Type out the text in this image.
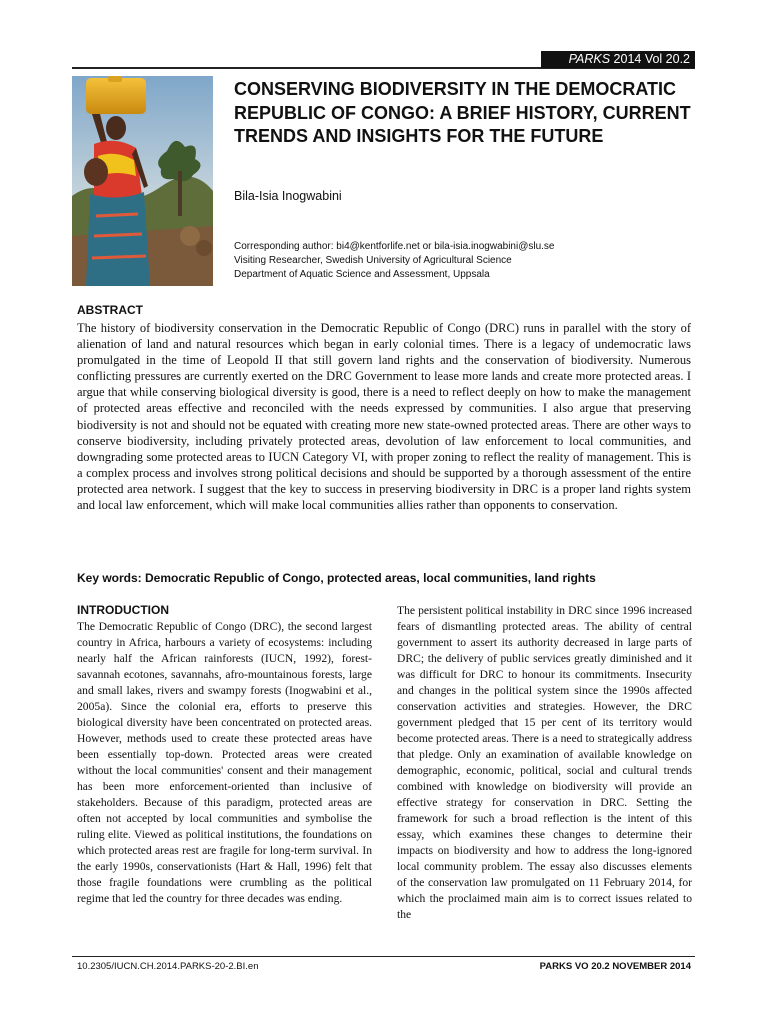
PARKS 2014 Vol 20.2
CONSERVING BIODIVERSITY IN THE DEMOCRATIC REPUBLIC OF CONGO: A BRIEF HISTORY, CURRENT TRENDS AND INSIGHTS FOR THE FUTURE
Bila-Isia Inogwabini
Corresponding author: bi4@kentforlife.net or bila-isia.inogwabini@slu.se
Visiting Researcher, Swedish University of Agricultural Science
Department of Aquatic Science and Assessment, Uppsala
ABSTRACT

The history of biodiversity conservation in the Democratic Republic of Congo (DRC) runs in parallel with the story of alienation of land and natural resources which began in early colonial times. There is a legacy of undemocratic laws promulgated in the time of Leopold II that still govern land rights and the conservation of biodiversity. Numerous conflicting pressures are currently exerted on the DRC Government to lease more lands and create more protected areas. I argue that while conserving biological diversity is good, there is a need to reflect deeply on how to make the management of protected areas effective and reconciled with the needs expressed by communities. I also argue that preserving biodiversity is not and should not be equated with creating more new state-owned protected areas. There are other ways to conserve biodiversity, including privately protected areas, devolution of law enforcement to local communities, and downgrading some protected areas to IUCN Category VI, with proper zoning to reflect the reality of management. This is a complex process and involves strong political decisions and should be supported by a thorough assessment of the entire protected area network. I suggest that the key to success in preserving biodiversity in DRC is a proper land rights system and local law enforcement, which will make local communities allies rather than opponents to conservation.

Key words: Democratic Republic of Congo, protected areas, local communities, land rights
INTRODUCTION

The Democratic Republic of Congo (DRC), the second largest country in Africa, harbours a variety of ecosystems: including nearly half the African rainforests (IUCN, 1992), forest-savannah ecotones, savannahs, afro-mountainous forests, large and small lakes, rivers and swampy forests (Inogwabini et al., 2005a). Since the colonial era, efforts to preserve this biological diversity have been concentrated on protected areas. However, methods used to create these protected areas have been essentially top-down. Protected areas were created without the local communities' consent and their management has been more enforcement-oriented than inclusive of stakeholders. Because of this paradigm, protected areas are often not accepted by local communities and symbolise the ruling elite. Viewed as political institutions, the foundations on which protected areas rest are fragile for long-term survival. In the early 1990s, conservationists (Hart & Hall, 1996) felt that those fragile foundations were crumbling as the political regime that led the country for three decades was ending.

The persistent political instability in DRC since 1996 increased fears of dismantling protected areas. The ability of central government to assert its authority decreased in large parts of DRC; the delivery of public services greatly diminished and it was difficult for DRC to honour its commitments. Insecurity and changes in the political system since the 1990s affected conservation activities and strategies. However, the DRC government pledged that 15 per cent of its territory would become protected areas. There is a need to strategically address that pledge. Only an examination of available knowledge on demographic, economic, political, social and cultural trends combined with knowledge on biodiversity will provide an effective strategy for conservation in DRC. Setting the framework for such a broad reflection is the intent of this essay, which examines these changes to determine their impacts on biodiversity and how to address the long-ignored local community problem. The essay also discusses elements of the conservation law promulgated on 11 February 2014, for which the proclaimed main aim is to correct issues related to the

10.2305/IUCN.CH.2014.PARKS-20-2.BI.en	PARKS VO 20.2 NOVEMBER 2014
